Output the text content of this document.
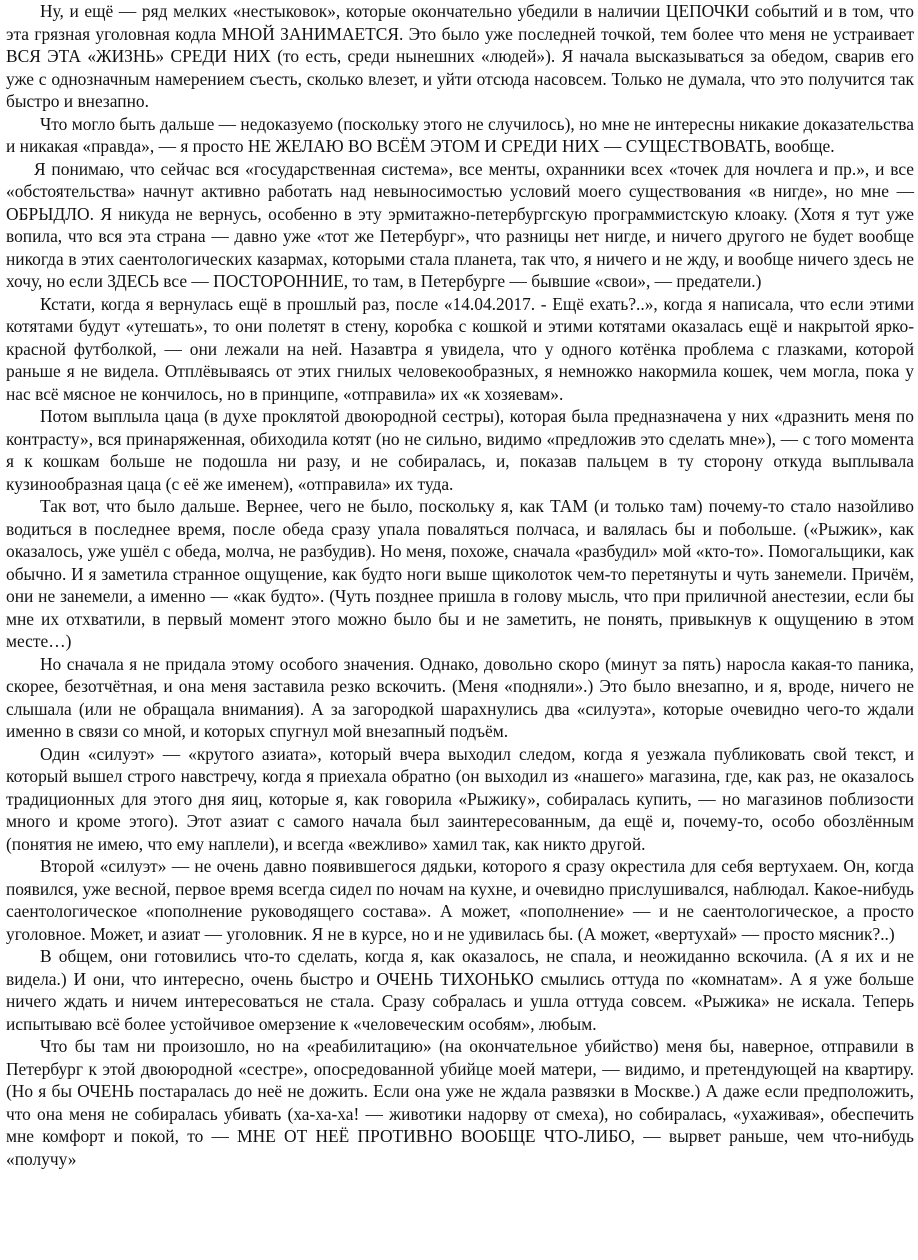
Ну, и ещё — ряд мелких «нестыковок», которые окончательно убедили в наличии ЦЕПОЧКИ событий и в том, что эта грязная уголовная кодла МНОЙ ЗАНИМАЕТСЯ. Это было уже последней точкой, тем более что меня не устраивает ВСЯ ЭТА «ЖИЗНЬ» СРЕДИ НИХ (то есть, среди нынешних «людей»). Я начала высказываться за обедом, сварив его уже с однозначным намерением съесть, сколько влезет, и уйти отсюда насовсем. Только не думала, что это получится так быстро и внезапно.

Что могло быть дальше — недоказуемо (поскольку этого не случилось), но мне не интересны никакие доказательства и никакая «правда», — я просто НЕ ЖЕЛАЮ ВО ВСЁМ ЭТОМ И СРЕДИ НИХ — СУЩЕСТВОВАТЬ, вообще.

Я понимаю, что сейчас вся «государственная система», все менты, охранники всех «точек для ночлега и пр.», и все «обстоятельства» начнут активно работать над невыносимостью условий моего существования «в нигде», но мне — ОБРЫДЛО. Я никуда не вернусь, особенно в эту эрмитажно-петербургскую программистскую клоаку. (Хотя я тут уже вопила, что вся эта страна — давно уже «тот же Петербург», что разницы нет нигде, и ничего другого не будет вообще никогда в этих саентологических казармах, которыми стала планета, так что, я ничего и не жду, и вообще ничего здесь не хочу, но если ЗДЕСЬ все — ПОСТОРОННИЕ, то там, в Петербурге — бывшие «свои», — предатели.)

Кстати, когда я вернулась ещё в прошлый раз, после «14.04.2017. - Ещё ехать?..», когда я написала, что если этими котятами будут «утешать», то они полетят в стену, коробка с кошкой и этими котятами оказалась ещё и накрытой ярко-красной футболкой, — они лежали на ней. Назавтра я увидела, что у одного котёнка проблема с глазками, которой раньше я не видела. Отплёвываясь от этих гнилых человекообразных, я немножко накормила кошек, чем могла, пока у нас всё мясное не кончилось, но в принципе, «отправила» их «к хозяевам».

Потом выплыла цаца (в духе проклятой двоюродной сестры), которая была предназначена у них «дразнить меня по контрасту», вся принаряженная, обиходила котят (но не сильно, видимо «предложив это сделать мне»), — с того момента я к кошкам больше не подошла ни разу, и не собиралась, и, показав пальцем в ту сторону откуда выплывала кузинообразная цаца (с её же именем), «отправила» их туда.

Так вот, что было дальше. Вернее, чего не было, поскольку я, как ТАМ (и только там) почему-то стало назойливо водиться в последнее время, после обеда сразу упала поваляться полчаса, и валялась бы и побольше. («Рыжик», как оказалось, уже ушёл с обеда, молча, не разбудив). Но меня, похоже, сначала «разбудил» мой «кто-то». Помогальщики, как обычно. И я заметила странное ощущение, как будто ноги выше щиколоток чем-то перетянуты и чуть занемели. Причём, они не занемели, а именно — «как будто». (Чуть позднее пришла в голову мысль, что при приличной анестезии, если бы мне их отхватили, в первый момент этого можно было бы и не заметить, не понять, привыкнув к ощущению в этом месте…)

Но сначала я не придала этому особого значения. Однако, довольно скоро (минут за пять) наросла какая-то паника, скорее, безотчётная, и она меня заставила резко вскочить. (Меня «подняли».) Это было внезапно, и я, вроде, ничего не слышала (или не обращала внимания). А за загородкой шарахнулись два «силуэта», которые очевидно чего-то ждали именно в связи со мной, и которых спугнул мой внезапный подъём.

Один «силуэт» — «крутого азиата», который вчера выходил следом, когда я уезжала публиковать свой текст, и который вышел строго навстречу, когда я приехала обратно (он выходил из «нашего» магазина, где, как раз, не оказалось традиционных для этого дня яиц, которые я, как говорила «Рыжику», собиралась купить, — но магазинов поблизости много и кроме этого). Этот азиат с самого начала был заинтересованным, да ещё и, почему-то, особо обозлённым (понятия не имею, что ему наплели), и всегда «вежливо» хамил так, как никто другой.

Второй «силуэт» — не очень давно появившегося дядьки, которого я сразу окрестила для себя вертухаем. Он, когда появился, уже весной, первое время всегда сидел по ночам на кухне, и очевидно прислушивался, наблюдал. Какое-нибудь саентологическое «пополнение руководящего состава». А может, «пополнение» — и не саентологическое, а просто уголовное. Может, и азиат — уголовник. Я не в курсе, но и не удивилась бы. (А может, «вертухай» — просто мясник?..)

В общем, они готовились что-то сделать, когда я, как оказалось, не спала, и неожиданно вскочила. (А я их и не видела.) И они, что интересно, очень быстро и ОЧЕНЬ ТИХОНЬКО смылись оттуда по «комнатам». А я уже больше ничего ждать и ничем интересоваться не стала. Сразу собралась и ушла оттуда совсем. «Рыжика» не искала. Теперь испытываю всё более устойчивое омерзение к «человеческим особям», любым.

Что бы там ни произошло, но на «реабилитацию» (на окончательное убийство) меня бы, наверное, отправили в Петербург к этой двоюродной «сестре», опосредованной убийце моей матери, — видимо, и претендующей на квартиру. (Но я бы ОЧЕНЬ постаралась до неё не дожить. Если она уже не ждала развязки в Москве.) А даже если предположить, что она меня не собиралась убивать (ха-ха-ха! — животики надорву от смеха), но собиралась, «ухаживая», обеспечить мне комфорт и покой, то — МНЕ ОТ НЕЁ ПРОТИВНО ВООБЩЕ ЧТО-ЛИБО, — вырвет раньше, чем что-нибудь «получу»
